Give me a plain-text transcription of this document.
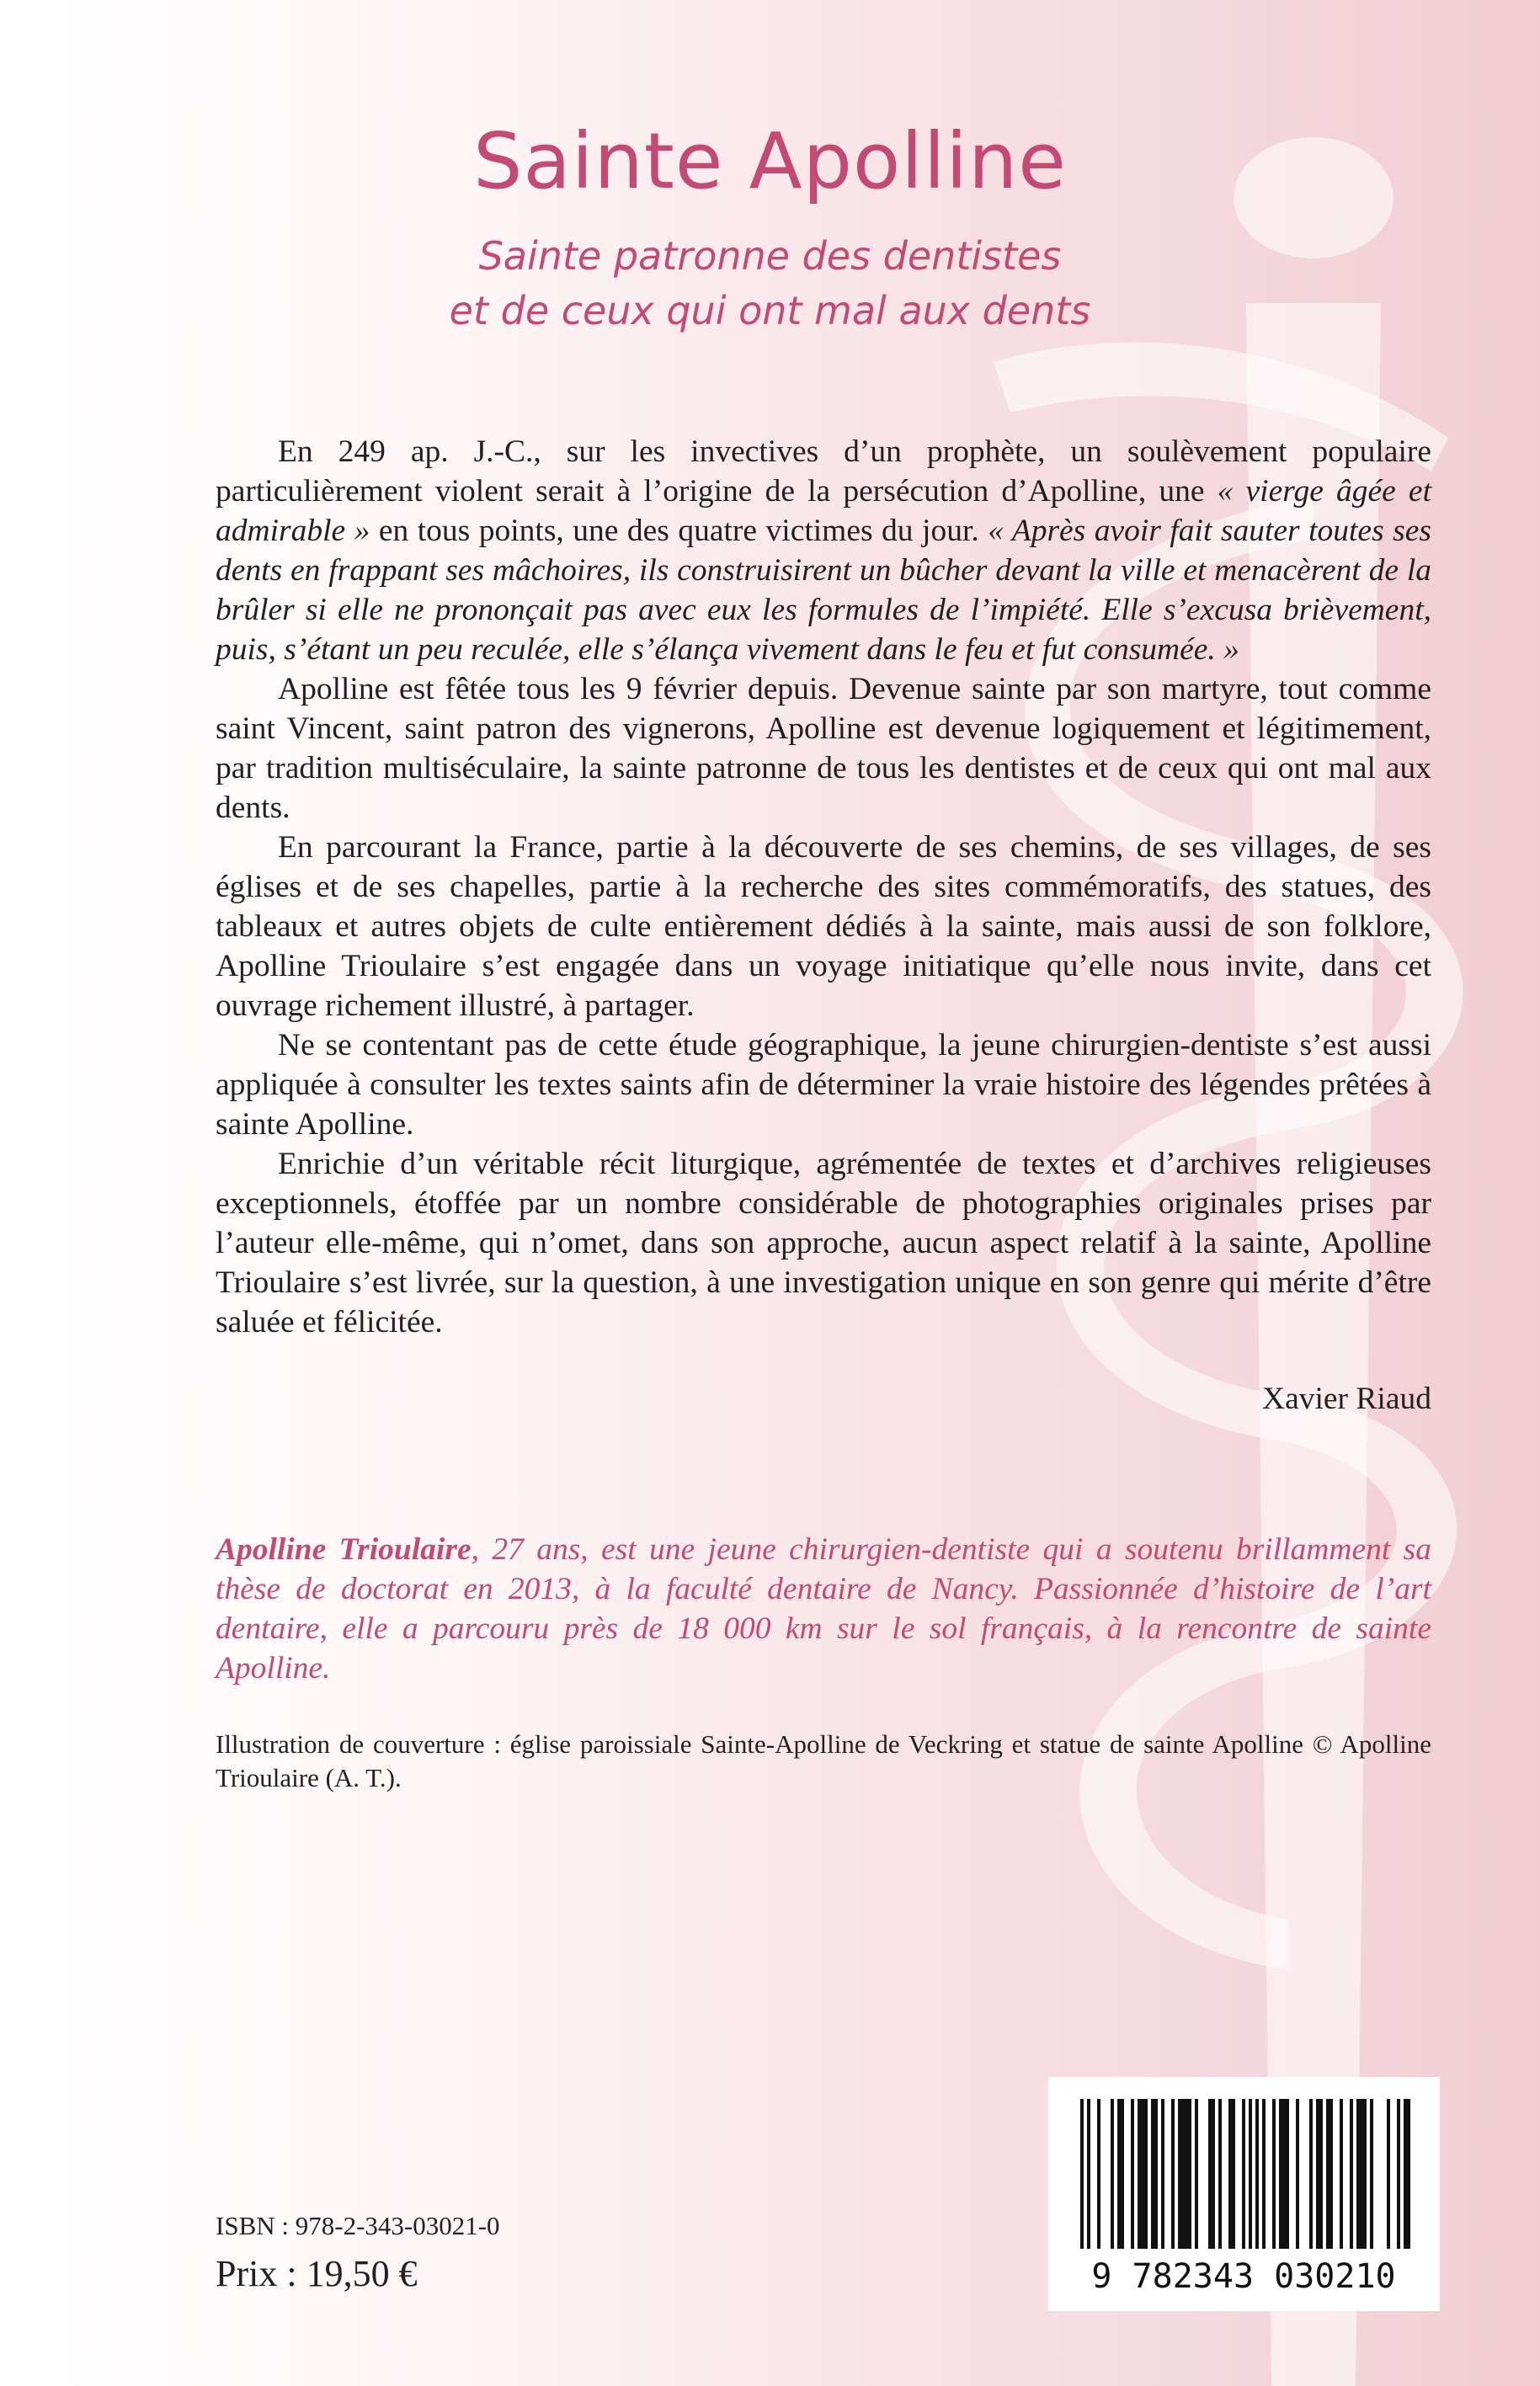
Sainte Apolline
Sainte patronne des dentistes
et de ceux qui ont mal aux dents

En 249 ap. J.-C., sur les invectives d’un prophète, un soulèvement populaire particulièrement violent serait à l’origine de la persécution d’Apolline, une « vierge âgée et admirable » en tous points, une des quatre victimes du jour. « Après avoir fait sauter toutes ses dents en frappant ses mâchoires, ils construisirent un bûcher devant la ville et menacèrent de la brûler si elle ne prononçait pas avec eux les formules de l’impiété. Elle s’excusa brièvement, puis, s’étant un peu reculée, elle s’élança vivement dans le feu et fut consumée. »

Apolline est fêtée tous les 9 février depuis. Devenue sainte par son martyre, tout comme saint Vincent, saint patron des vignerons, Apolline est devenue logiquement et légitimement, par tradition multiséculaire, la sainte patronne de tous les dentistes et de ceux qui ont mal aux dents.

En parcourant la France, partie à la découverte de ses chemins, de ses villages, de ses églises et de ses chapelles, partie à la recherche des sites commémoratifs, des statues, des tableaux et autres objets de culte entièrement dédiés à la sainte, mais aussi de son folklore, Apolline Trioulaire s’est engagée dans un voyage initiatique qu’elle nous invite, dans cet ouvrage richement illustré, à partager.

Ne se contentant pas de cette étude géographique, la jeune chirurgien-dentiste s’est aussi appliquée à consulter les textes saints afin de déterminer la vraie histoire des légendes prêtées à sainte Apolline.

Enrichie d’un véritable récit liturgique, agrémentée de textes et d’archives religieuses exceptionnels, étoffée par un nombre considérable de photographies originales prises par l’auteur elle-même, qui n’omet, dans son approche, aucun aspect relatif à la sainte, Apolline Trioulaire s’est livrée, sur la question, à une investigation unique en son genre qui mérite d’être saluée et félicitée.

Xavier Riaud
Apolline Trioulaire, 27 ans, est une jeune chirurgien-dentiste qui a soutenu brillamment sa thèse de doctorat en 2013, à la faculté dentaire de Nancy. Passionnée d’histoire de l’art dentaire, elle a parcouru près de 18 000 km sur le sol français, à la rencontre de sainte Apolline.
Illustration de couverture : église paroissiale Sainte-Apolline de Veckring et statue de sainte Apolline © Apolline Trioulaire (A. T.).
9 782343 030210
ISBN : 978-2-343-03021-0
Prix : 19,50 €
